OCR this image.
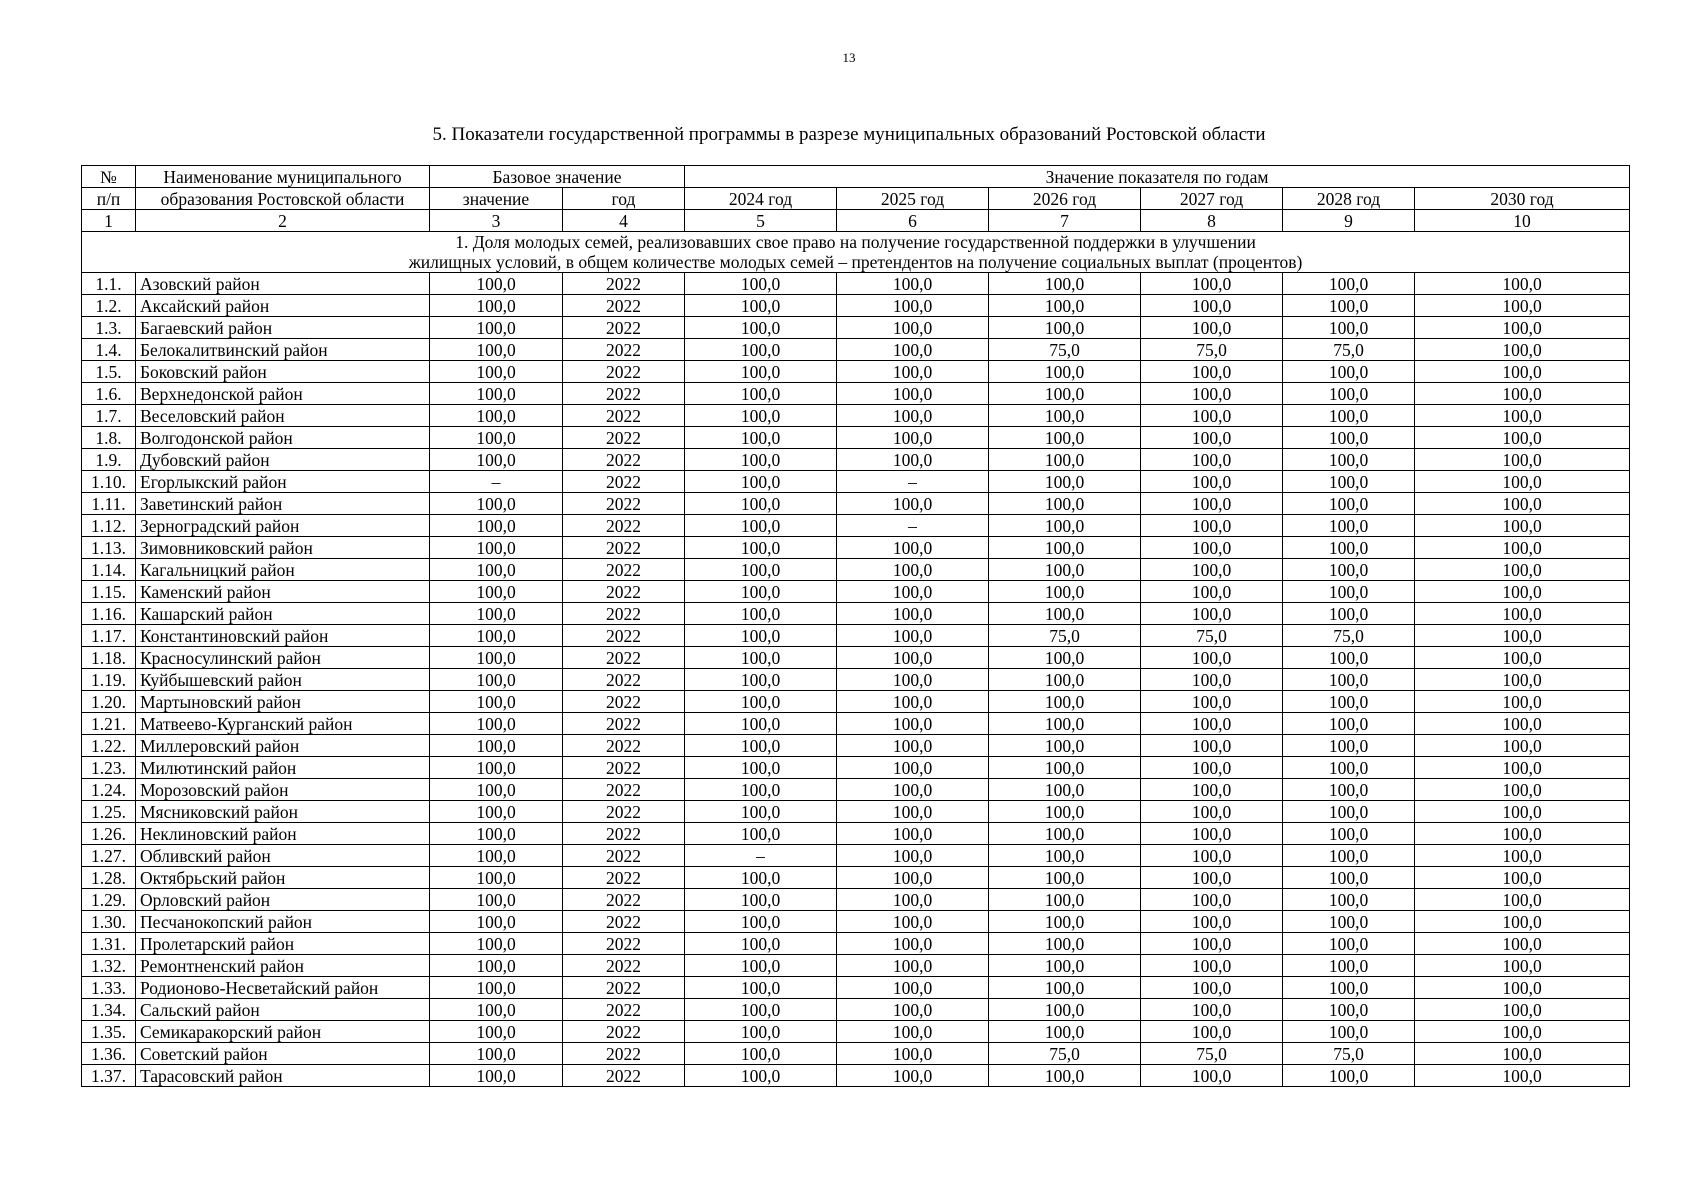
13
5. Показатели государственной программы в разрезе муниципальных образований Ростовской области
№	Наименование муниципального	Базовое значение		Значение показателя по годам					
п/п	образования Ростовской области	значение	год	2024 год	2025 год	2026 год	2027 год	2028 год	2030 год
1	2	3	4	5	6	7	8	9	10

1. Доля молодых семей, реализовавших свое право на получение государственной поддержки в улучшении
жилищных условий, в общем количестве молодых семей – претендентов на получение социальных выплат (процентов)									

1.1.	Азовский район	100,0	2022	100,0	100,0	100,0	100,0	100,0	100,0
1.2.	Аксайский район	100,0	2022	100,0	100,0	100,0	100,0	100,0	100,0
1.3.	Багаевский район	100,0	2022	100,0	100,0	100,0	100,0	100,0	100,0
1.4.	Белокалитвинский район	100,0	2022	100,0	100,0	75,0	75,0	75,0	100,0
1.5.	Боковский район	100,0	2022	100,0	100,0	100,0	100,0	100,0	100,0
1.6.	Верхнедонской район	100,0	2022	100,0	100,0	100,0	100,0	100,0	100,0
1.7.	Веселовский район	100,0	2022	100,0	100,0	100,0	100,0	100,0	100,0
1.8.	Волгодонской район	100,0	2022	100,0	100,0	100,0	100,0	100,0	100,0
1.9.	Дубовский район	100,0	2022	100,0	100,0	100,0	100,0	100,0	100,0
1.10.	Егорлыкский район	–	2022	100,0	–	100,0	100,0	100,0	100,0
1.11.	Заветинский район	100,0	2022	100,0	100,0	100,0	100,0	100,0	100,0
1.12.	Зерноградский район	100,0	2022	100,0	–	100,0	100,0	100,0	100,0
1.13.	Зимовниковский район	100,0	2022	100,0	100,0	100,0	100,0	100,0	100,0
1.14.	Кагальницкий район	100,0	2022	100,0	100,0	100,0	100,0	100,0	100,0
1.15.	Каменский район	100,0	2022	100,0	100,0	100,0	100,0	100,0	100,0
1.16.	Кашарский район	100,0	2022	100,0	100,0	100,0	100,0	100,0	100,0
1.17.	Константиновский район	100,0	2022	100,0	100,0	75,0	75,0	75,0	100,0
1.18.	Красносулинский район	100,0	2022	100,0	100,0	100,0	100,0	100,0	100,0
1.19.	Куйбышевский район	100,0	2022	100,0	100,0	100,0	100,0	100,0	100,0
1.20.	Мартыновский район	100,0	2022	100,0	100,0	100,0	100,0	100,0	100,0
1.21.	Матвеево-Курганский район	100,0	2022	100,0	100,0	100,0	100,0	100,0	100,0
1.22.	Миллеровский район	100,0	2022	100,0	100,0	100,0	100,0	100,0	100,0
1.23.	Милютинский район	100,0	2022	100,0	100,0	100,0	100,0	100,0	100,0
1.24.	Морозовский район	100,0	2022	100,0	100,0	100,0	100,0	100,0	100,0
1.25.	Мясниковский район	100,0	2022	100,0	100,0	100,0	100,0	100,0	100,0
1.26.	Неклиновский район	100,0	2022	100,0	100,0	100,0	100,0	100,0	100,0
1.27.	Обливский район	100,0	2022	–	100,0	100,0	100,0	100,0	100,0
1.28.	Октябрьский район	100,0	2022	100,0	100,0	100,0	100,0	100,0	100,0
1.29.	Орловский район	100,0	2022	100,0	100,0	100,0	100,0	100,0	100,0
1.30.	Песчанокопский район	100,0	2022	100,0	100,0	100,0	100,0	100,0	100,0
1.31.	Пролетарский район	100,0	2022	100,0	100,0	100,0	100,0	100,0	100,0
1.32.	Ремонтненский район	100,0	2022	100,0	100,0	100,0	100,0	100,0	100,0
1.33.	Родионово-Несветайский район	100,0	2022	100,0	100,0	100,0	100,0	100,0	100,0
1.34.	Сальский район	100,0	2022	100,0	100,0	100,0	100,0	100,0	100,0
1.35.	Семикаракорский район	100,0	2022	100,0	100,0	100,0	100,0	100,0	100,0
1.36.	Советский район	100,0	2022	100,0	100,0	75,0	75,0	75,0	100,0
1.37.	Тарасовский район	100,0	2022	100,0	100,0	100,0	100,0	100,0	100,0
